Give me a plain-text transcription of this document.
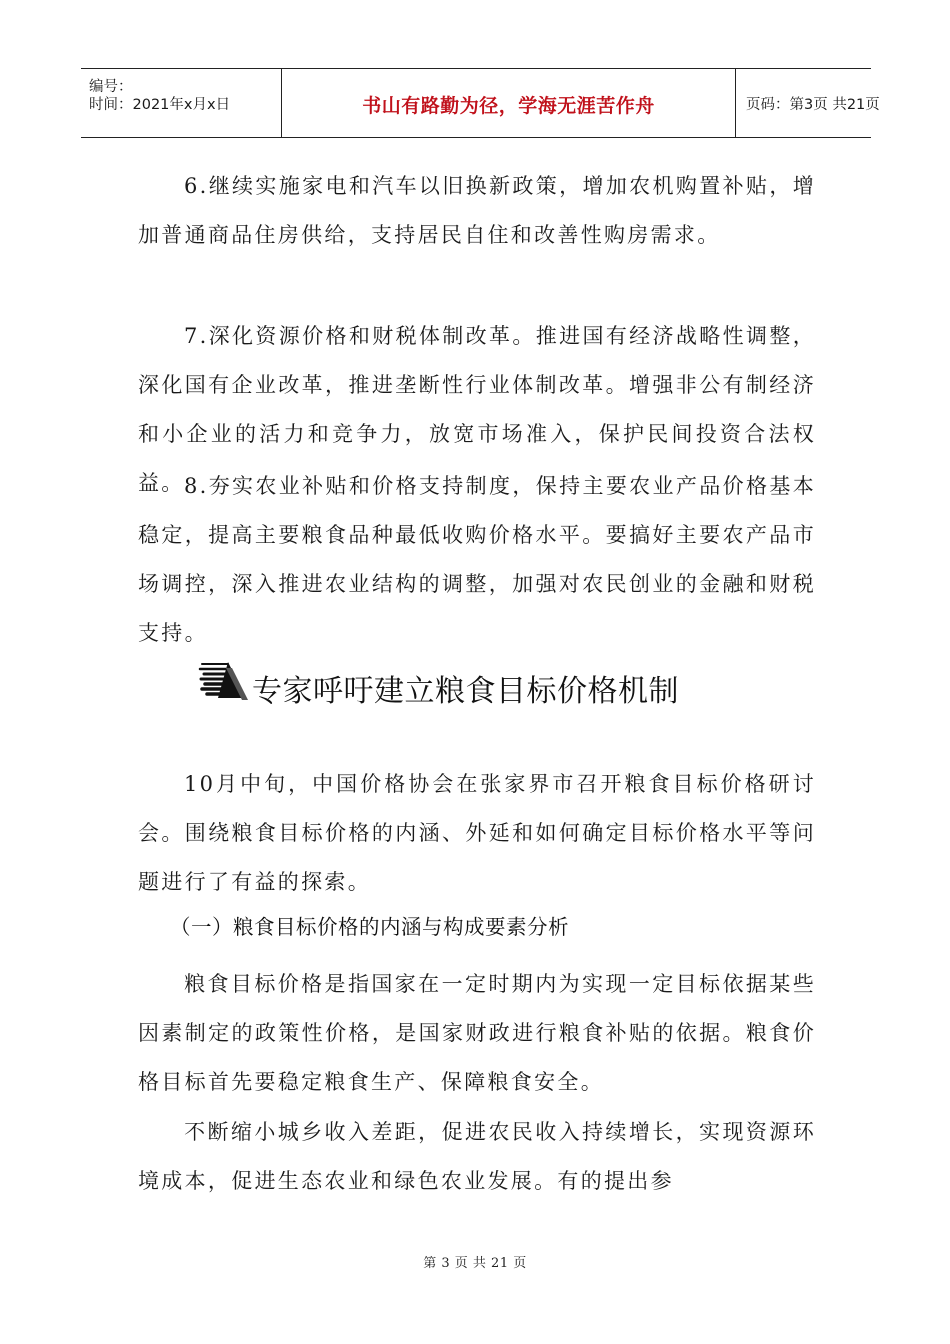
编号：
时间：2021年x月x日	书山有路勤为径，学海无涯苦作舟	页码：第3页 共21页

6.继续实施家电和汽车以旧换新政策，增加农机购置补贴，增加普通商品住房供给，支持居民自住和改善性购房需求。

7.深化资源价格和财税体制改革。推进国有经济战略性调整，深化国有企业改革，推进垄断性行业体制改革。增强非公有制经济和小企业的活力和竞争力，放宽市场准入，保护民间投资合法权益。 8.夯实农业补贴和价格支持制度，保持主要农业产品价格基本稳定，提高主要粮食品种最低收购价格水平。要搞好主要农产品市场调控，深入推进农业结构的调整，加强对农民创业的金融和财税支持。

专家呼吁建立粮食目标价格机制

10月中旬，中国价格协会在张家界市召开粮食目标价格研讨会。围绕粮食目标价格的内涵、外延和如何确定目标价格水平等问题进行了有益的探索。

（一）粮食目标价格的内涵与构成要素分析

粮食目标价格是指国家在一定时期内为实现一定目标依据某些因素制定的政策性价格，是国家财政进行粮食补贴的依据。粮食价格目标首先要稳定粮食生产、保障粮食安全。

不断缩小城乡收入差距，促进农民收入持续增长，实现资源环境成本，促进生态农业和绿色农业发展。有的提出参

第 3 页 共 21 页
